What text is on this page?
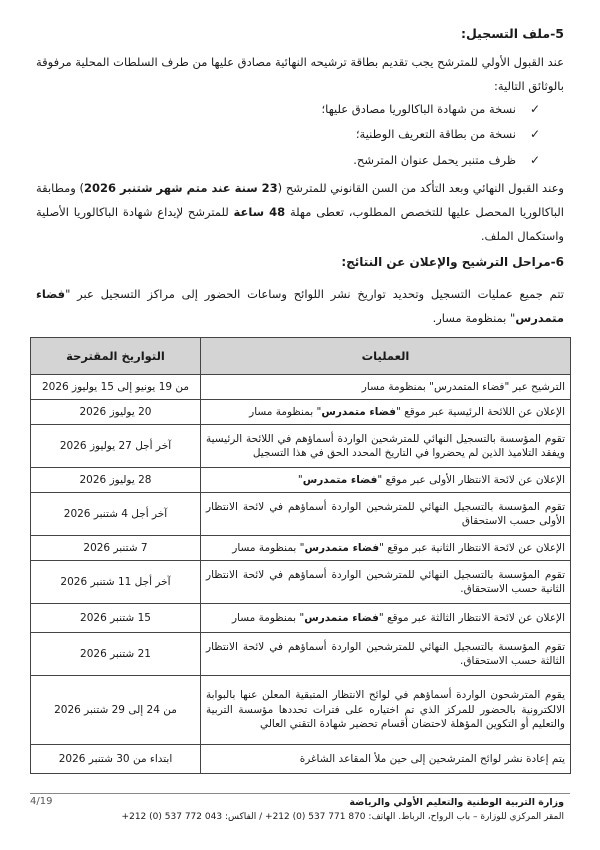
5-ملف التسجيل:
عند القبول الأولي للمترشح يجب تقديم بطاقة ترشيحه النهائية مصادق عليها من طرف السلطات المحلية مرفوقة بالوثائق التالية:
✓نسخة من شهادة الباكالوريا مصادق عليها؛
✓نسخة من بطاقة التعريف الوطنية؛
✓ظرف متنبر يحمل عنوان المترشح.
وعند القبول النهائي وبعد التأكد من السن القانوني للمترشح (23 سنة عند متم شهر شتنبر 2026) ومطابقة الباكالوريا المحصل عليها للتخصص المطلوب، تعطى مهلة 48 ساعة للمترشح لإيداع شهادة الباكالوريا الأصلية واستكمال الملف.
6-مراحل الترشيح والإعلان عن النتائج:
تتم جميع عمليات التسجيل وتحديد تواريخ نشر اللوائح وساعات الحضور إلى مراكز التسجيل عبر "فضاء متمدرس" بمنظومة مسار.
العمليات	التواريخ المقترحة
الترشيح عبر "فضاء المتمدرس" بمنظومة مسار	من 19 يونيو إلى 15 يوليوز 2026
الإعلان عن اللائحة الرئيسية عبر موقع "فضاء متمدرس" بمنظومة مسار	20 يوليوز 2026
تقوم المؤسسة بالتسجيل النهائي للمترشحين الواردة أسماؤهم في اللائحة الرئيسية ويفقد التلاميذ الذين لم يحضروا في التاريخ المحدد الحق في هذا التسجيل	آخر أجل 27 يوليوز 2026
الإعلان عن لائحة الانتظار الأولى عبر موقع "فضاء متمدرس"	28 يوليوز 2026
تقوم المؤسسة بالتسجيل النهائي للمترشحين الواردة أسماؤهم في لائحة الانتظار الأولى حسب الاستحقاق	آخر أجل 4 شتنبر 2026
الإعلان عن لائحة الانتظار الثانية عبر موقع "فضاء متمدرس" بمنظومة مسار	7 شتنبر 2026
تقوم المؤسسة بالتسجيل النهائي للمترشحين الواردة أسماؤهم في لائحة الانتظار الثانية حسب الاستحقاق.	آخر أجل 11 شتنبر 2026
الإعلان عن لائحة الانتظار الثالثة عبر موقع "فضاء متمدرس" بمنظومة مسار	15 شتنبر 2026
تقوم المؤسسة بالتسجيل النهائي للمترشحين الواردة أسماؤهم في لائحة الانتظار الثالثة حسب الاستحقاق.	21 شتنبر 2026
يقوم المترشحون الواردة أسماؤهم في لوائح الانتظار المتبقية المعلن عنها بالبوابة الالكترونية بالحضور للمركز الذي تم اختياره على فترات تحددها مؤسسة التربية والتعليم أو التكوين المؤهلة لاحتضان أقسام تحضير شهادة التقني العالي	من 24 إلى 29 شتنبر 2026
يتم إعادة نشر لوائح المترشحين إلى حين ملأ المقاعد الشاغرة	ابتداء من 30 شتنبر 2026
4/19	وزارة التربية الوطنية والتعليم الأولي والرياضة
المقر المركزي للوزارة – باب الرواح، الرباط. الهاتف: 870 771 537 (0) 212+ / الفاكس: 043 772 537 (0) 212+
